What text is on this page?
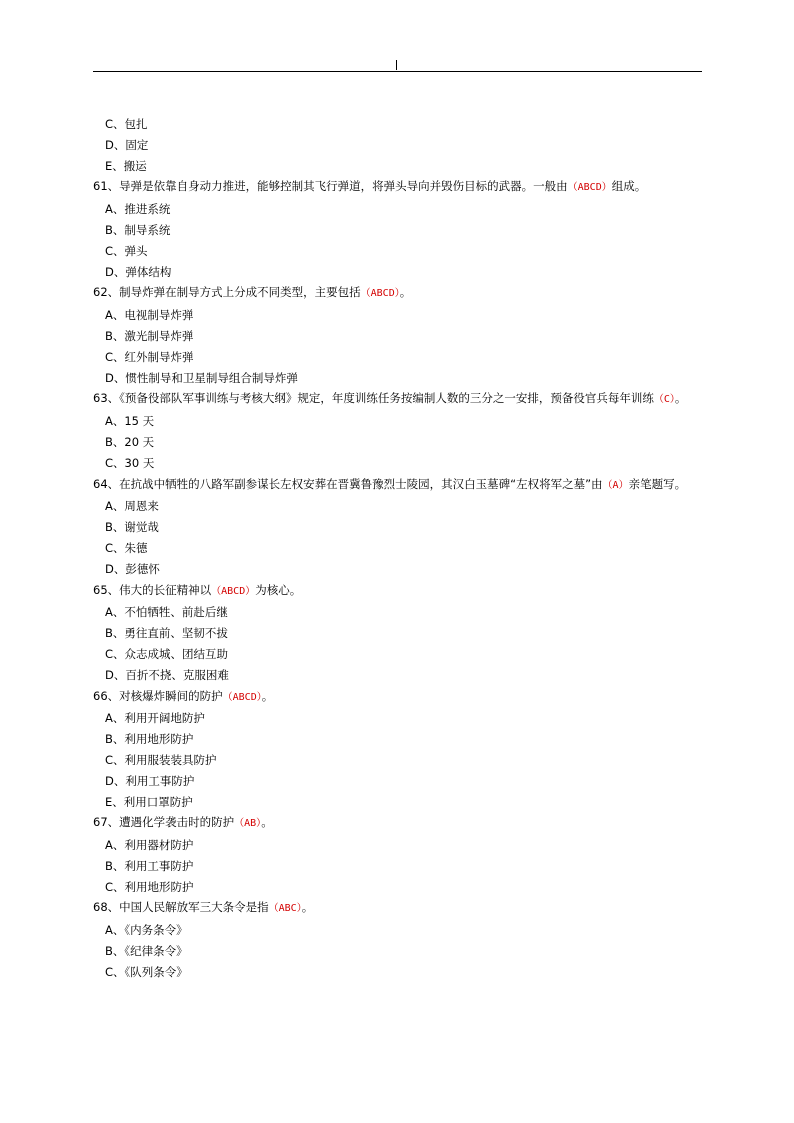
C、包扎
D、固定
E、搬运
61、导弹是依靠自身动力推进，能够控制其飞行弹道，将弹头导向并毁伤目标的武器。一般由（ABCD）组成。
A、推进系统
B、制导系统
C、弹头
D、弹体结构
62、制导炸弹在制导方式上分成不同类型，主要包括（ABCD）。
A、电视制导炸弹
B、激光制导炸弹
C、红外制导炸弹
D、惯性制导和卫星制导组合制导炸弹
63、《预备役部队军事训练与考核大纲》规定，年度训练任务按编制人数的三分之一安排，预备役官兵每年训练（C）。
A、15 天
B、20 天
C、30 天
64、在抗战中牺牲的八路军副参谋长左权安葬在晋冀鲁豫烈士陵园，其汉白玉墓碑“左权将军之墓”由（A）亲笔题写。
A、周恩来
B、谢觉哉
C、朱德
D、彭德怀
65、伟大的长征精神以（ABCD）为核心。
A、不怕牺牲、前赴后继
B、勇往直前、坚韧不拔
C、众志成城、团结互助
D、百折不挠、克服困难
66、对核爆炸瞬间的防护（ABCD）。
A、利用开阔地防护
B、利用地形防护
C、利用服装装具防护
D、利用工事防护
E、利用口罩防护
67、遭遇化学袭击时的防护（AB）。
A、利用器材防护
B、利用工事防护
C、利用地形防护
68、中国人民解放军三大条令是指（ABC）。
A、《内务条令》
B、《纪律条令》
C、《队列条令》
